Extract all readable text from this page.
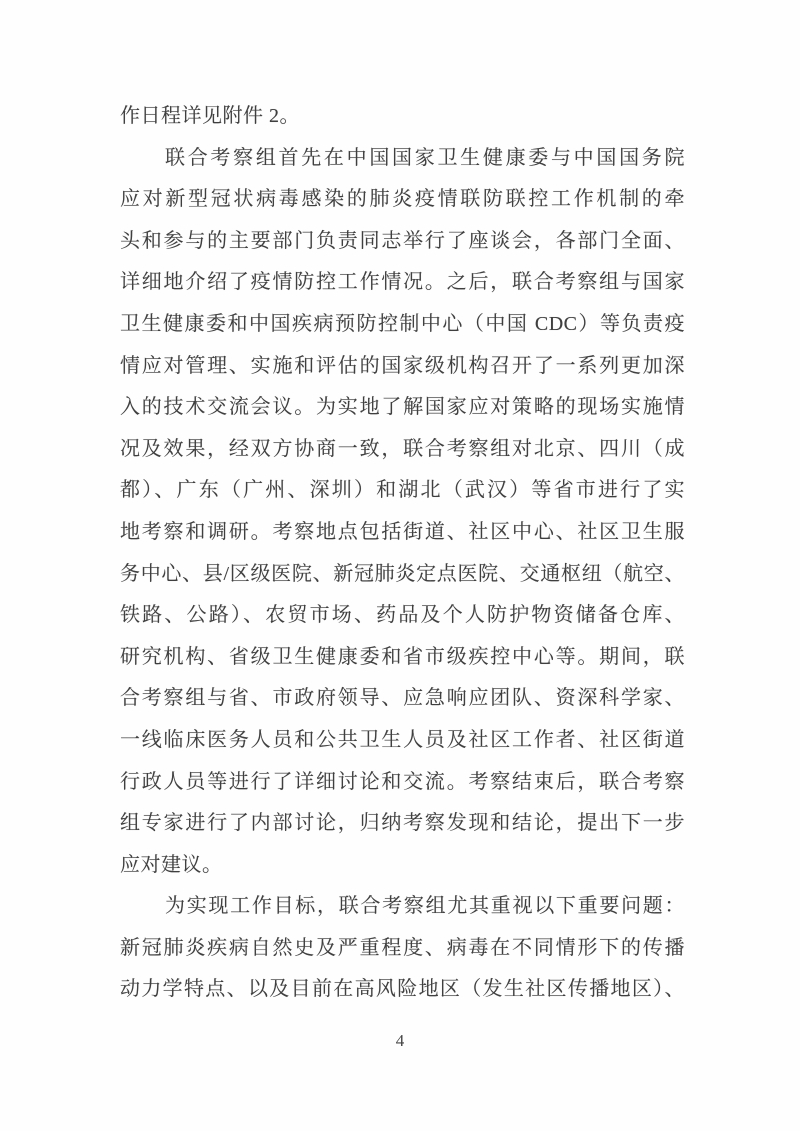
作日程详见附件 2。
联合考察组首先在中国国家卫生健康委与中国国务院
应对新型冠状病毒感染的肺炎疫情联防联控工作机制的牵
头和参与的主要部门负责同志举行了座谈会，各部门全面、
详细地介绍了疫情防控工作情况。之后，联合考察组与国家
卫生健康委和中国疾病预防控制中心（中国 CDC）等负责疫
情应对管理、实施和评估的国家级机构召开了一系列更加深
入的技术交流会议。为实地了解国家应对策略的现场实施情
况及效果，经双方协商一致，联合考察组对北京、四川（成
都）、广东（广州、深圳）和湖北（武汉）等省市进行了实
地考察和调研。考察地点包括街道、社区中心、社区卫生服
务中心、县/区级医院、新冠肺炎定点医院、交通枢纽（航空、
铁路、公路）、农贸市场、药品及个人防护物资储备仓库、
研究机构、省级卫生健康委和省市级疾控中心等。期间，联
合考察组与省、市政府领导、应急响应团队、资深科学家、
一线临床医务人员和公共卫生人员及社区工作者、社区街道
行政人员等进行了详细讨论和交流。考察结束后，联合考察
组专家进行了内部讨论，归纳考察发现和结论，提出下一步
应对建议。
为实现工作目标，联合考察组尤其重视以下重要问题：
新冠肺炎疾病自然史及严重程度、病毒在不同情形下的传播
动力学特点、以及目前在高风险地区（发生社区传播地区）、
4
